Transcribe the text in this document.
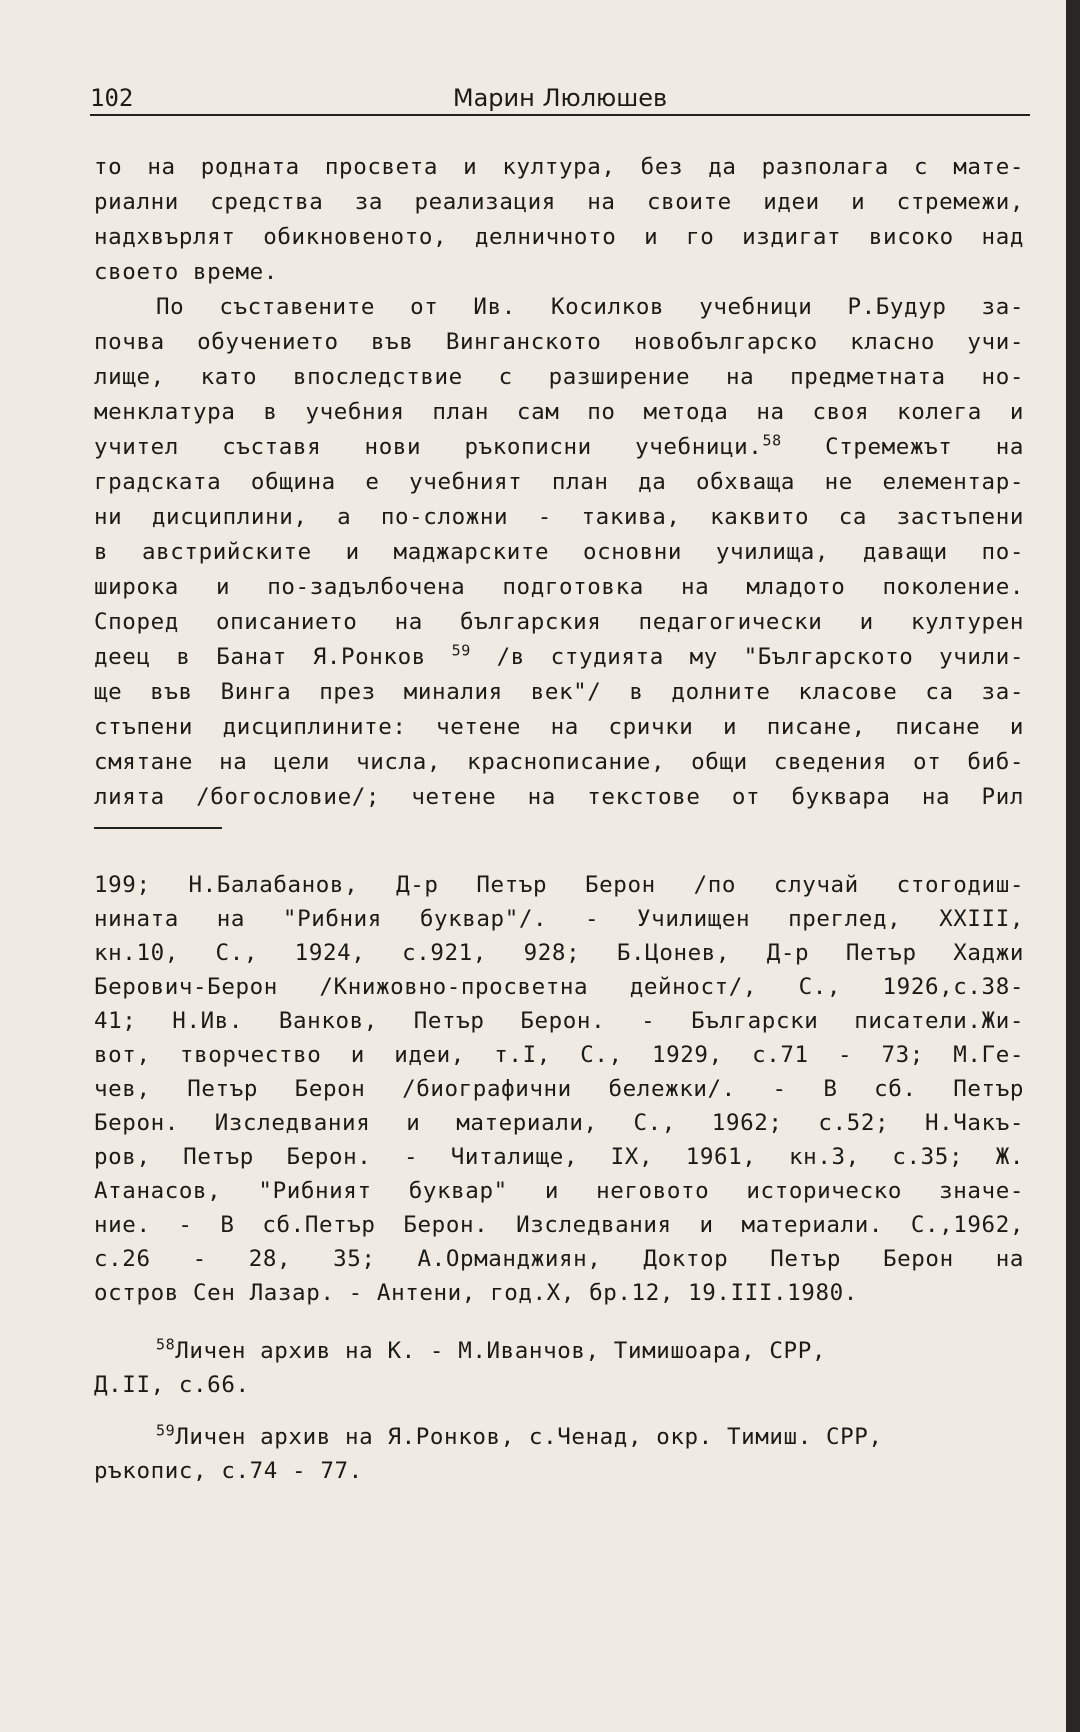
102	Марин Люлюшев
то на родната просвета и култура, без да разполага с мате-
риални средства за реализация на своите идеи и стремежи,
надхвърлят обикновеното, делничното и го издигат високо над
своето време.
По съставените от Ив. Косилков учебници Р.Будур за-
почва обучението във Винганското новобългарско класно учи-
лище, като впоследствие с разширение на предметната но-
менклатура в учебния план сам по метода на своя колега и
учител съставя нови ръкописни учебници.$^{58}$ Стремежът на
градската община е учебният план да обхваща не елементар-
ни дисциплини, а по-сложни - такива, каквито са застъпени
в австрийските и маджарските основни училища, даващи по-
широка и по-задълбочена подготовка на младото поколение.
Според описанието на българския педагогически и културен
деец в Банат Я.Ронков $^{59}$ /в студията му "Българското учили-
ще във Винга през миналия век"/ в долните класове са за-
стъпени дисциплините: четене на срички и писане, писане и
смятане на цели числа, краснописание, общи сведения от биб-
лията /богословие/; четене на текстове от буквара на Рил
199; Н.Балабанов, Д-р Петър Берон /по случай стогодиш-
нината на "Рибния буквар"/. - Училищен преглед, XXIII,
кн.10, С., 1924, с.921, 928; Б.Цонев, Д-р Петър Хаджи
Берович-Берон /Книжовно-просветна дейност/, С., 1926,с.38-
41; Н.Ив. Ванков, Петър Берон. - Български писатели.Жи-
вот, творчество и идеи, т.I, С., 1929, с.71 - 73; М.Ге-
чев, Петър Берон /биографични бележки/. - В сб. Петър
Берон. Изследвания и материали, С., 1962; с.52; Н.Чакъ-
ров, Петър Берон. - Читалище, IX, 1961, кн.3, с.35; Ж.
Атанасов, "Рибният буквар" и неговото историческо значе-
ние. - В сб.Петър Берон. Изследвания и материали. С.,1962,
с.26 - 28, 35; А.Орманджиян, Доктор Петър Берон на
остров Сен Лазар. - Антени, год.X, бр.12, 19.III.1980.
$^{58}$Личен архив на К. - М.Иванчов, Тимишоара, СРР,
Д.II, с.66.
$^{59}$Личен архив на Я.Ронков, с.Ченад, окр. Тимиш. СРР,
ръкопис, с.74 - 77.
